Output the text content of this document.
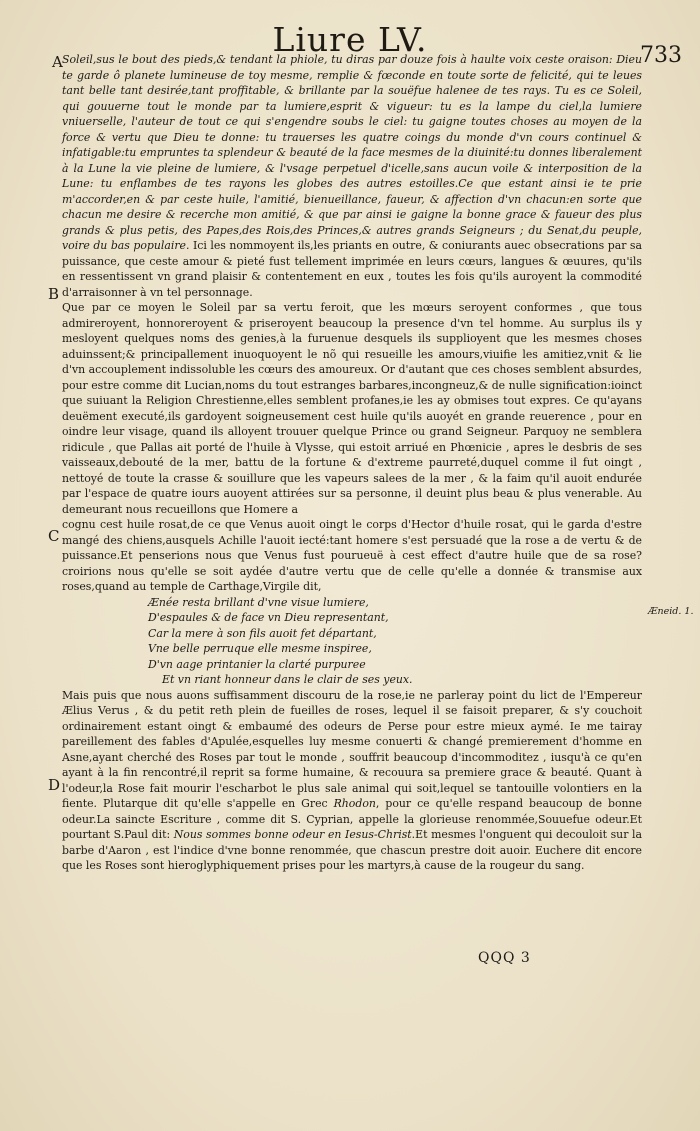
Liure LV.	733
A
B
C
D
Æneid. 1.

Soleil,sus le bout des pieds,& tendant la phiole, tu diras par douze fois à haulte voix ceste oraison: Dieu te garde ô planete lumineuse de toy mesme, remplie & fœconde en toute sorte de felicité, qui te leues tant belle tant desirée,tant proffitable, & brillante par la souëfue halenee de tes rays. Tu es ce Soleil, qui gouuerne tout le monde par ta lumiere,esprit & vigueur: tu es la lampe du ciel,la lumiere vniuerselle, l'auteur de tout ce qui s'engendre soubs le ciel: tu gaigne toutes choses au moyen de la force & vertu que Dieu te donne: tu trauerses les quatre coings du monde d'vn cours continuel & infatigable:tu empruntes ta splendeur & beauté de la face mesmes de la diuinité:tu donnes liberalement à la Lune la vie pleine de lumiere, & l'vsage perpetuel d'icelle,sans aucun voile & interposition de la Lune: tu enflambes de tes rayons les globes des autres estoilles.Ce que estant ainsi ie te prie m'accorder,en & par ceste huile, l'amitié, bienueillance, faueur, & affection d'vn chacun:en sorte que chacun me desire & recerche mon amitié, & que par ainsi ie gaigne la bonne grace & faueur des plus grands & plus petis, des Papes,des Rois,des Princes,& autres grands Seigneurs ; du Senat,du peuple, voire du bas populaire. Ici les nommoyent ils,les priants en outre, & coniurants auec obsecrations par sa puissance, que ceste amour & pieté fust tellement imprimée en leurs cœurs, langues & œuures, qu'ils en ressentissent vn grand plaisir & contentement en eux , toutes les fois qu'ils auroyent la commodité d'arraisonner à vn tel personnage.

Que par ce moyen le Soleil par sa vertu feroit, que les mœurs seroyent conformes , que tous admireroyent, honnoreroyent & priseroyent beaucoup la presence d'vn tel homme. Au surplus ils y mesloyent quelques noms des genies,à la furuenue desquels ils supplioyent que les mesmes choses aduinssent;& principallement inuoquoyent le nõ qui resueille les amours,viuifie les amitiez,vnit & lie d'vn accouplement indissoluble les cœurs des amoureux. Or d'autant que ces choses semblent absurdes, pour estre comme dit Lucian,noms du tout estranges barbares,incongneuz,& de nulle signification:ioinct que suiuant la Religion Chrestienne,elles semblent profanes,ie les ay obmises tout expres. Ce qu'ayans deuëment executé,ils gardoyent soigneusement cest huile qu'ils auoyét en grande reuerence , pour en oindre leur visage, quand ils alloyent trouuer quelque Prince ou grand Seigneur. Parquoy ne semblera ridicule , que Pallas ait porté de l'huile à Vlysse, qui estoit arriué en Phœnicie , apres le desbris de ses vaisseaux,debouté de la mer, battu de la fortune & d'extreme paurreté,duquel comme il fut oingt , nettoyé de toute la crasse & souillure que les vapeurs salees de la mer , & la faim qu'il auoit endurée par l'espace de quatre iours auoyent attirées sur sa personne, il deuint plus beau & plus venerable. Au demeurant nous recueillons que Homere a

cognu cest huile rosat,de ce que Venus auoit oingt le corps d'Hector d'huile rosat, qui le garda d'estre mangé des chiens,ausquels Achille l'auoit iecté:tant homere s'est persuadé que la rose a de vertu & de puissance.Et penserions nous que Venus fust pourueuë à cest effect d'autre huile que de sa rose? croirions nous qu'elle se soit aydée d'autre vertu que de celle qu'elle a donnée & transmise aux roses,quand au temple de Carthage,Virgile dit,

Ænée resta brillant d'vne visue lumiere,
D'espaules & de face vn Dieu representant,
Car la mere à son fils auoit fet départant,
Vne belle perruque elle mesme inspiree,
D'vn aage printanier la clarté purpuree
Et vn riant honneur dans le clair de ses yeux.

Mais puis que nous auons suffisamment discouru de la rose,ie ne parleray point du lict de l'Empereur Ælius Verus , & du petit reth plein de fueilles de roses, lequel il se faisoit preparer, & s'y couchoit ordinairement estant oingt & embaumé des odeurs de Perse pour estre mieux aymé. Ie me tairay pareillement des fables d'Apulée,esquelles luy mesme conuerti & changé premierement d'homme en Asne,ayant cherché des Roses par tout le monde , souffrit beaucoup d'incommoditez , iusqu'à ce qu'en ayant à la fin rencontré,il reprit sa forme humaine, & recouura sa premiere grace & beauté. Quant à l'odeur,la Rose fait mourir l'escharbot le plus sale animal qui soit,lequel se tantouille volontiers en la fiente. Plutarque dit qu'elle s'appelle en Grec Rhodon, pour ce qu'elle respand beaucoup de bonne odeur.La saincte Escriture , comme dit S. Cyprian, appelle la glorieuse renommée,Souuefue odeur.Et pourtant S.Paul dit: Nous sommes bonne odeur en Iesus-Christ.Et mesmes l'onguent qui decouloit sur la barbe d'Aaron , est l'indice d'vne bonne renommée, que chascun prestre doit auoir. Euchere dit encore que les Roses sont hieroglyphiquement prises pour les martyrs,à cause de la rougeur du sang.

QQQ 3
